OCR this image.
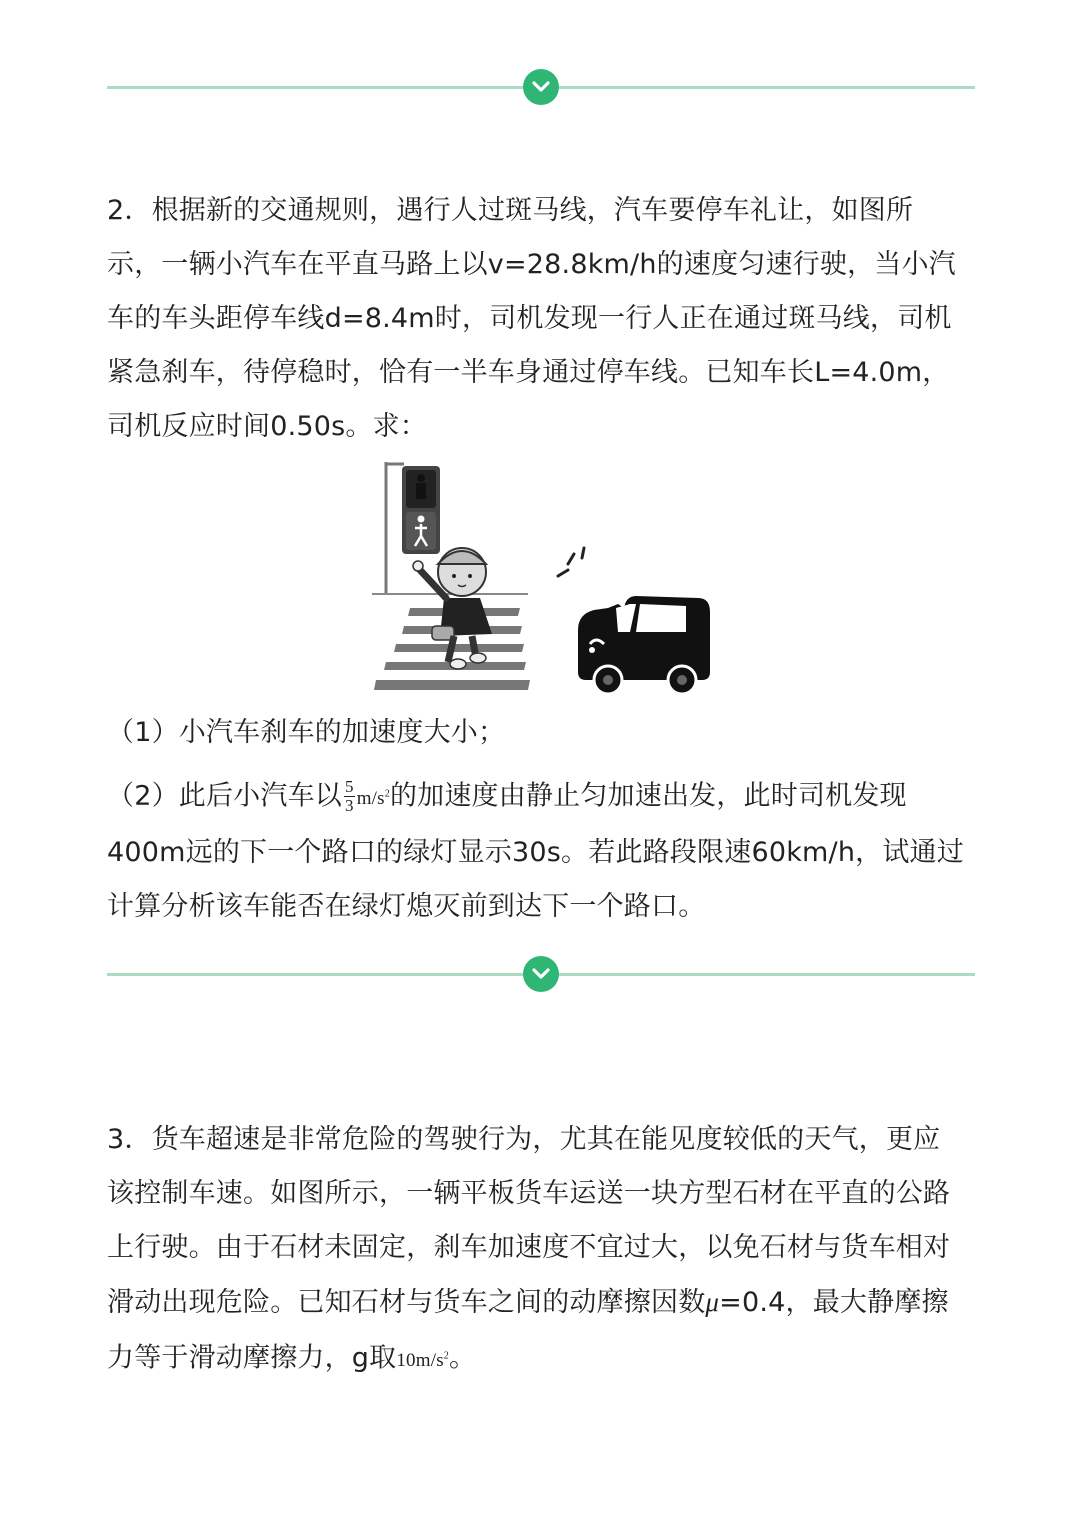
2．根据新的交通规则，遇行人过斑马线，汽车要停车礼让，如图所

示，一辆小汽车在平直马路上以v=28.8km/h的速度匀速行驶，当小汽

车的车头距停车线d=8.4m时，司机发现一行人正在通过斑马线，司机

紧急刹车，待停稳时，恰有一半车身通过停车线。已知车长L=4.0m，

司机反应时间0.50s。求：

（1）小汽车刹车的加速度大小；

（2）此后小汽车以 $\frac{5}{3} m/s^2$的加速度由静止匀加速出发，此时司机发现

400m远的下一个路口的绿灯显示30s。若此路段限速60km/h，试通过

计算分析该车能否在绿灯熄灭前到达下一个路口。

3．货车超速是非常危险的驾驶行为，尤其在能见度较低的天气，更应

该控制车速。如图所示，一辆平板货车运送一块方型石材在平直的公路

上行驶。由于石材未固定，刹车加速度不宜过大，以免石材与货车相对

滑动出现危险。已知石材与货车之间的动摩擦因数μ=0.4，最大静摩擦

力等于滑动摩擦力，g取$10m/s^2$。
